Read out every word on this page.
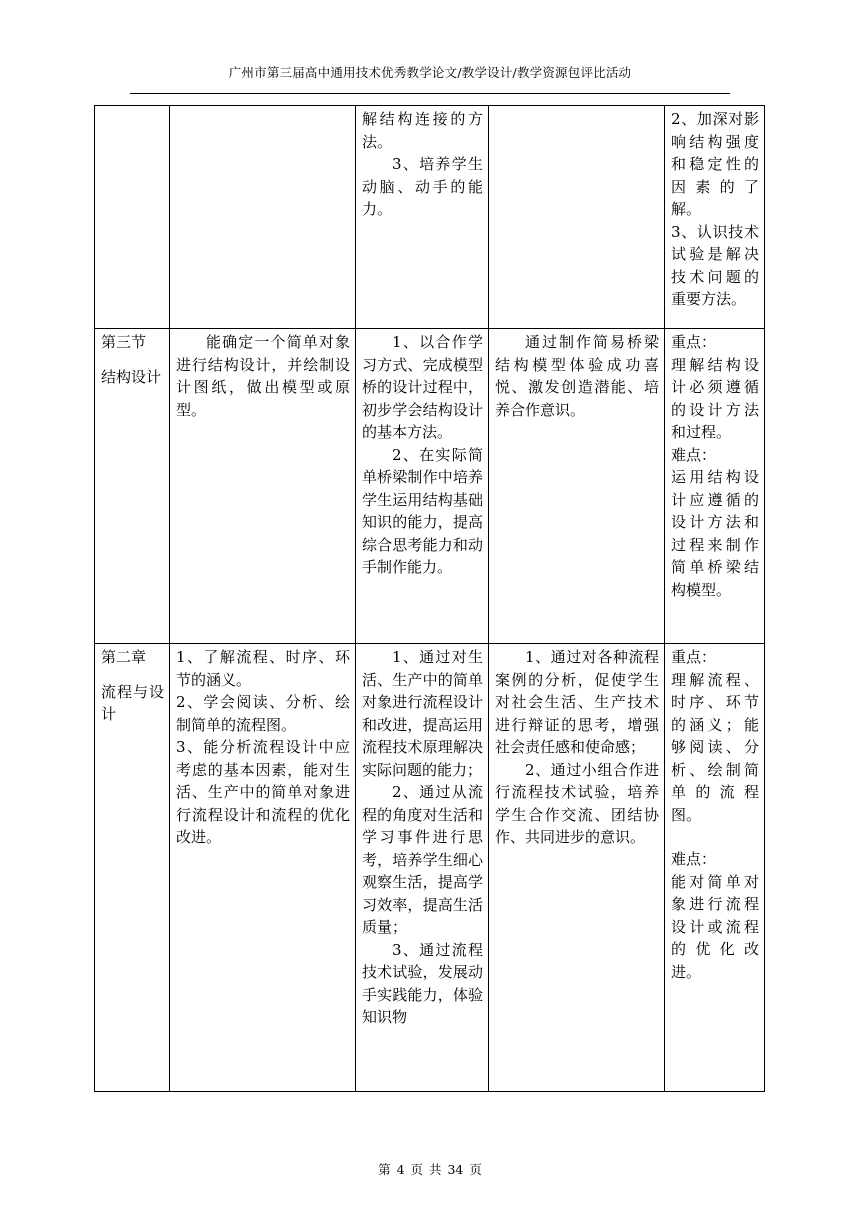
广州市第三届高中通用技术优秀教学论文/教学设计/教学资源包评比活动

		解结构连接的方法。
3、培养学生动脑、动手的能力。		2、加深对影响结构强度和稳定性的因素的了解。
3、认识技术试验是解决技术问题的重要方法。

第三节
结构设计	能确定一个简单对象进行结构设计，并绘制设计图纸，做出模型或原型。	1、以合作学习方式、完成模型桥的设计过程中，初步学会结构设计的基本方法。
2、在实际简单桥梁制作中培养学生运用结构基础知识的能力，提高综合思考能力和动手制作能力。	通过制作简易桥梁结构模型体验成功喜悦、激发创造潜能、培养合作意识。	重点：
理解结构设计必须遵循的设计方法和过程。
难点：
运用结构设计应遵循的设计方法和过程来制作简单桥梁结构模型。

第二章
流程与设计	1、了解流程、时序、环节的涵义。
2、学会阅读、分析、绘制简单的流程图。
3、能分析流程设计中应考虑的基本因素，能对生活、生产中的简单对象进行流程设计和流程的优化改进。	1、通过对生活、生产中的简单对象进行流程设计和改进，提高运用流程技术原理解决实际问题的能力；
2、通过从流程的角度对生活和学习事件进行思考，培养学生细心观察生活，提高学习效率，提高生活质量；
3、通过流程技术试验，发展动手实践能力，体验知识物	1、通过对各种流程案例的分析，促使学生对社会生活、生产技术进行辩证的思考，增强社会责任感和使命感；
2、通过小组合作进行流程技术试验，培养学生合作交流、团结协作、共同进步的意识。	重点：
理解流程、时序、环节的涵义；能够阅读、分析、绘制简单的流程图。
难点：
能对简单对象进行流程设计或流程的优化改进。
第 4 页 共 34 页
